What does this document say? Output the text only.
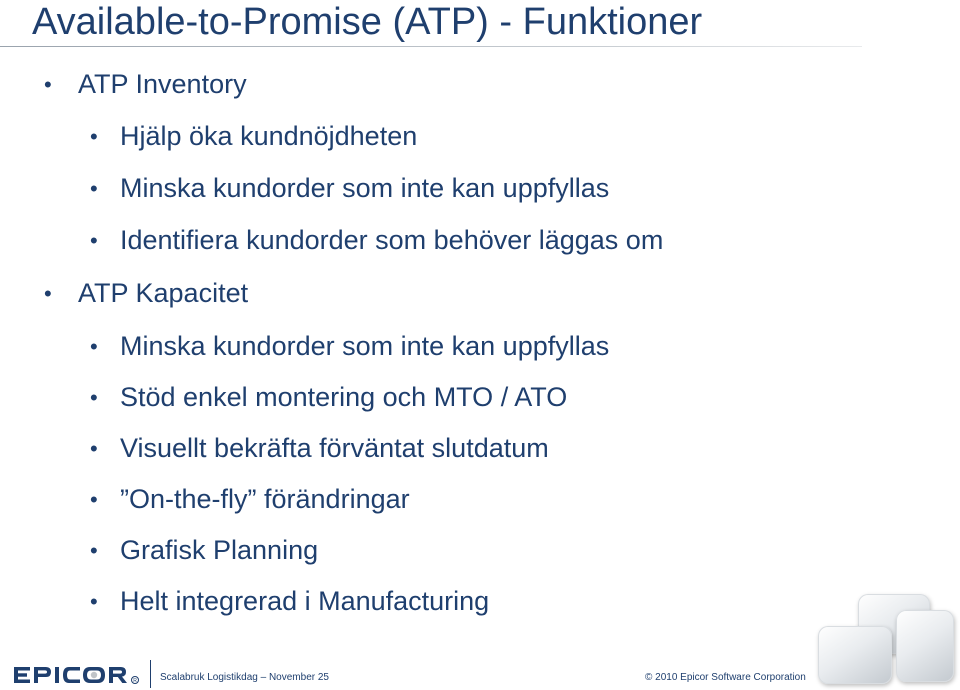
Available-to-Promise (ATP) - Funktioner
• ATP Inventory
• Hjälp öka kundnöjdheten
• Minska kundorder som inte kan uppfyllas
• Identifiera kundorder som behöver läggas om
• ATP Kapacitet
• Minska kundorder som inte kan uppfyllas
• Stöd enkel montering och MTO / ATO
• Visuellt bekräfta förväntat slutdatum
• ”On-the-fly” förändringar
• Grafisk Planning
• Helt integrerad i Manufacturing
R Scalabruk Logistikdag – November 25	© 2010 Epicor Software Corporation
